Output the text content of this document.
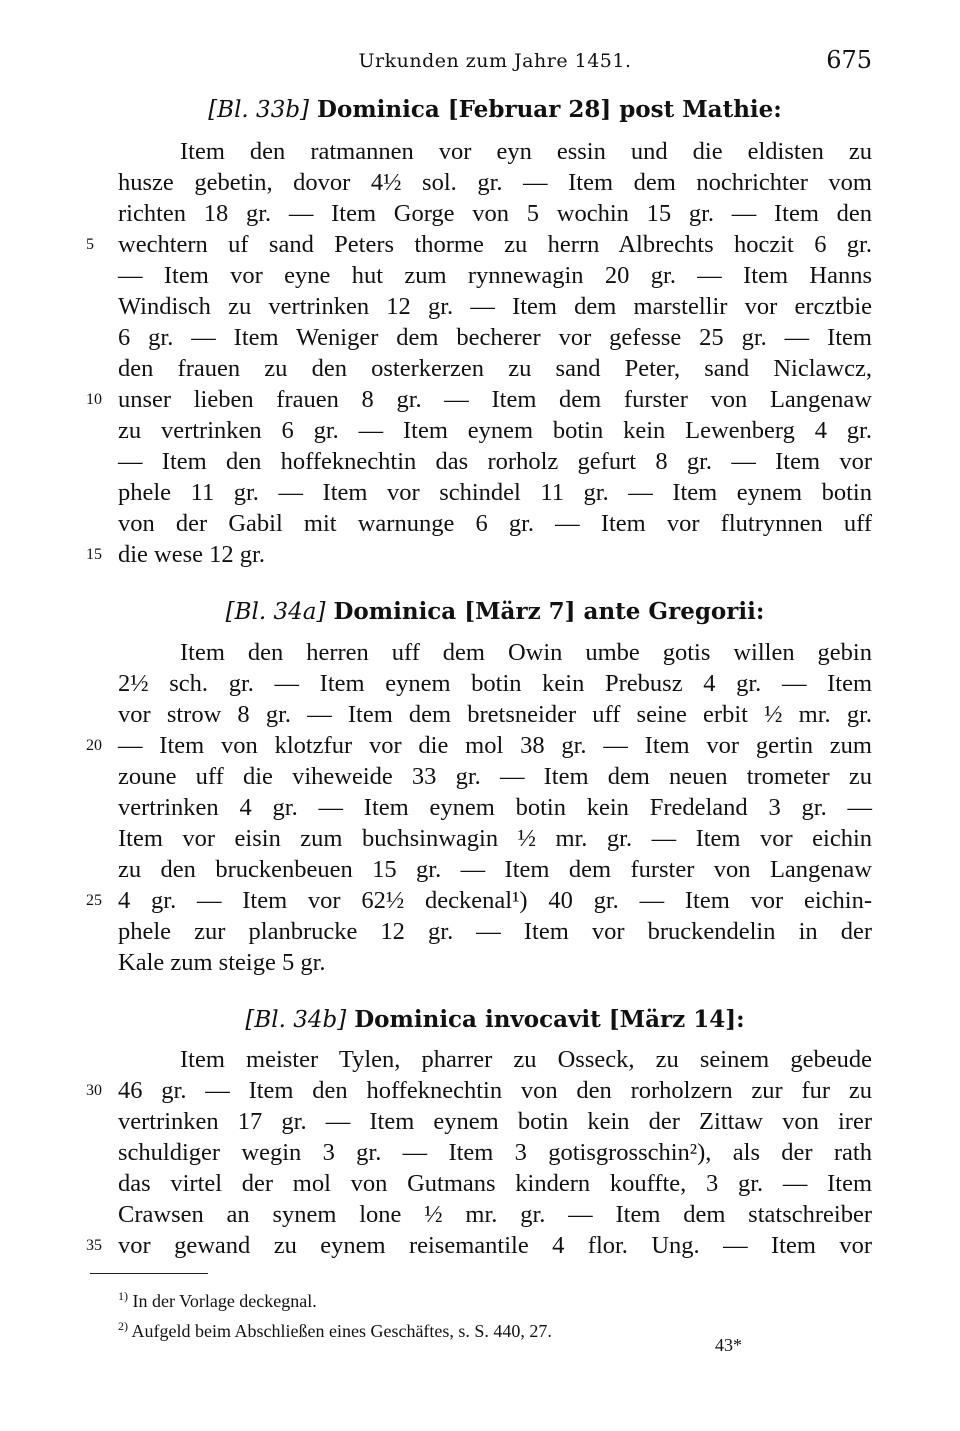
Urkunden zum Jahre 1451.	675
[Bl. 33b] Dominica [Februar 28] post Mathie:
Item den ratmannen vor eyn essin und die eldisten zu
husze gebetin, dovor 4½ sol. gr. — Item dem nochrichter vom
richten 18 gr. — Item Gorge von 5 wochin 15 gr. — Item den
wechtern uf sand Peters thorme zu herrn Albrechts hoczit 6 gr.
— Item vor eyne hut zum rynnewagin 20 gr. — Item Hanns
Windisch zu vertrinken 12 gr. — Item dem marstellir vor ercztbie
6 gr. — Item Weniger dem becherer vor gefesse 25 gr. — Item
den frauen zu den osterkerzen zu sand Peter, sand Niclawcz,
unser lieben frauen 8 gr. — Item dem furster von Langenaw
zu vertrinken 6 gr. — Item eynem botin kein Lewenberg 4 gr.
— Item den hoffeknechtin das rorholz gefurt 8 gr. — Item vor
phele 11 gr. — Item vor schindel 11 gr. — Item eynem botin
von der Gabil mit warnunge 6 gr. — Item vor flutrynnen uff
die wese 12 gr.
[Bl. 34a] Dominica [März 7] ante Gregorii:
Item den herren uff dem Owin umbe gotis willen gebin
2½ sch. gr. — Item eynem botin kein Prebusz 4 gr. — Item
vor strow 8 gr. — Item dem bretsneider uff seine erbit ½ mr. gr.
— Item von klotzfur vor die mol 38 gr. — Item vor gertin zum
zoune uff die viheweide 33 gr. — Item dem neuen trometer zu
vertrinken 4 gr. — Item eynem botin kein Fredeland 3 gr. —
Item vor eisin zum buchsinwagin ½ mr. gr. — Item vor eichin
zu den bruckenbeuen 15 gr. — Item dem furster von Langenaw
4 gr. — Item vor 62½ deckenal¹) 40 gr. — Item vor eichin-
phele zur planbrucke 12 gr. — Item vor bruckendelin in der
Kale zum steige 5 gr.
[Bl. 34b] Dominica invocavit [März 14]:
Item meister Tylen, pharrer zu Osseck, zu seinem gebeude
46 gr. — Item den hoffeknechtin von den rorholzern zur fur zu
vertrinken 17 gr. — Item eynem botin kein der Zittaw von irer
schuldiger wegin 3 gr. — Item 3 gotisgrosschin²), als der rath
das virtel der mol von Gutmans kindern kouffte, 3 gr. — Item
Crawsen an synem lone ½ mr. gr. — Item dem statschreiber
vor gewand zu eynem reisemantile 4 flor. Ung. — Item vor
5
10
15
20
25
30
35
$^{1)}$ In der Vorlage deckegnal.
$^{2)}$ Aufgeld beim Abschließen eines Geschäftes, s. S. 440, 27.
43*
